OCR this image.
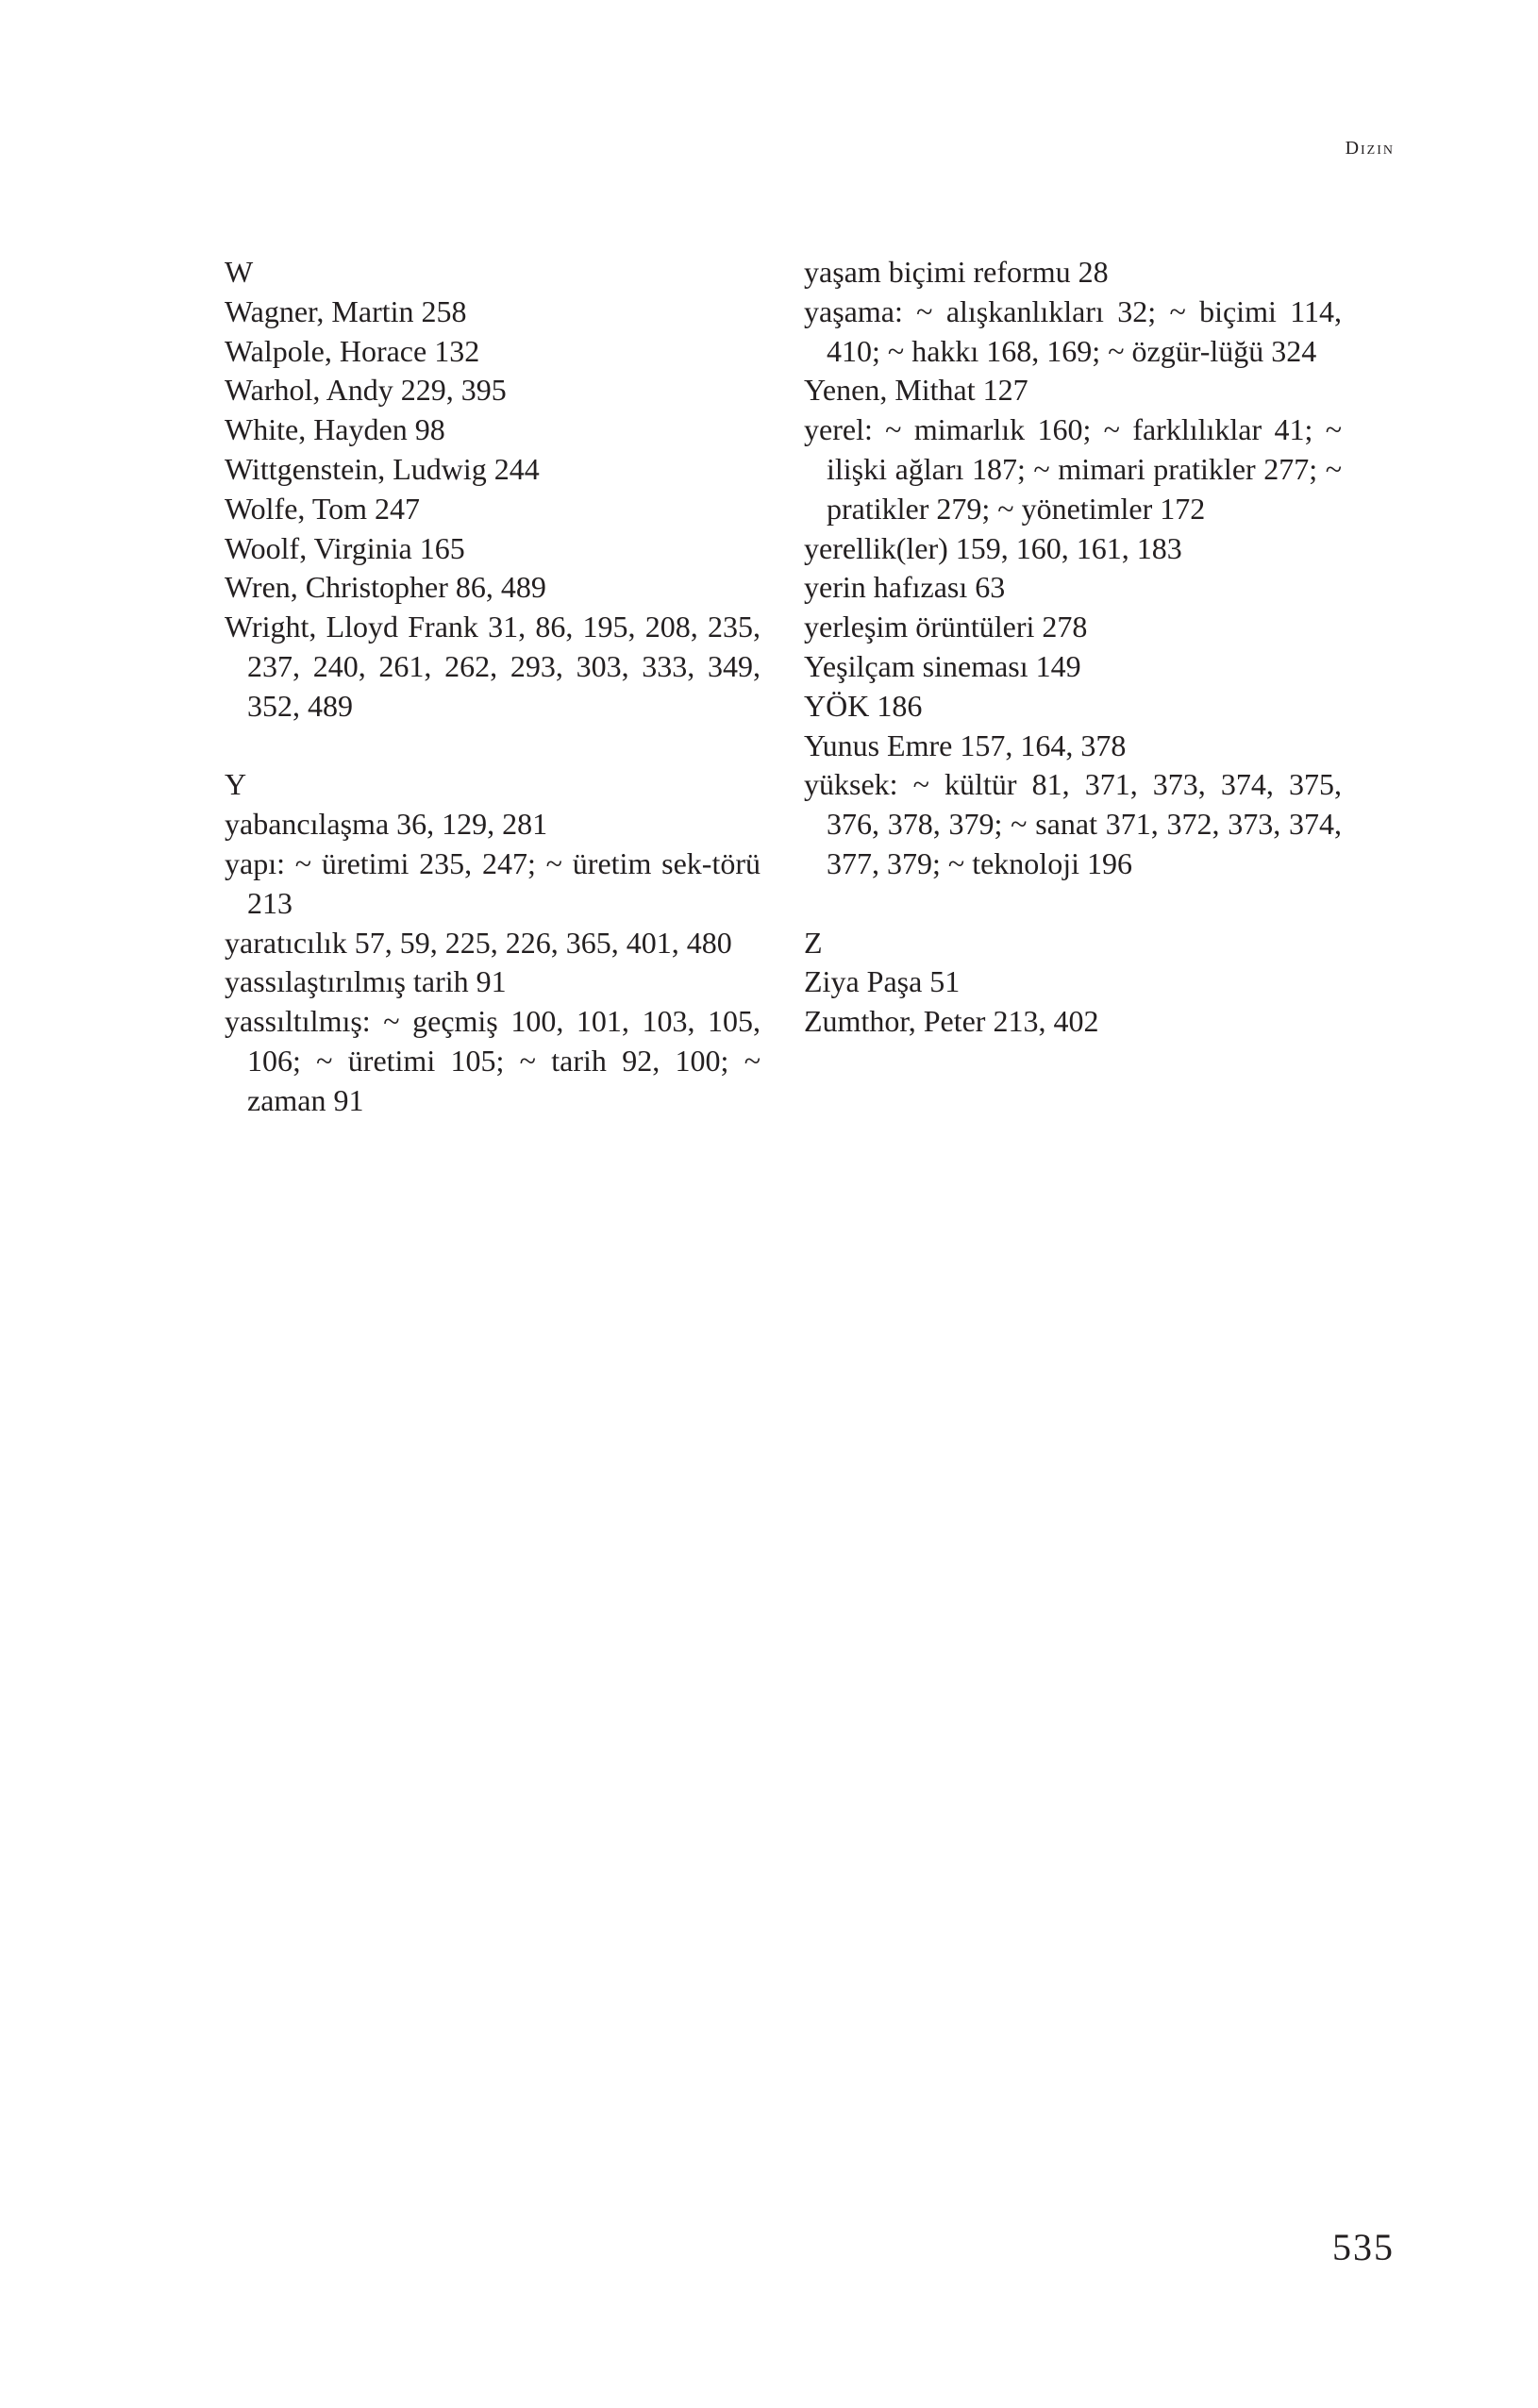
Dizin

W

Wagner, Martin 258

Walpole, Horace 132

Warhol, Andy 229, 395

White, Hayden 98

Wittgenstein, Ludwig 244

Wolfe, Tom 247

Woolf, Virginia 165

Wren, Christopher 86, 489

Wright, Lloyd Frank 31, 86, 195, 208, 235, 237, 240, 261, 262, 293, 303, 333, 349, 352, 489

Y

yabancılaşma 36, 129, 281

yapı: ~ üretimi 235, 247; ~ üretim sek-törü 213

yaratıcılık 57, 59, 225, 226, 365, 401, 480

yassılaştırılmış tarih 91

yassıltılmış: ~ geçmiş 100, 101, 103, 105, 106; ~ üretimi 105; ~ tarih 92, 100; ~ zaman 91

yaşam biçimi reformu 28

yaşama: ~ alışkanlıkları 32; ~ biçimi 114, 410; ~ hakkı 168, 169; ~ özgür-lüğü 324

Yenen, Mithat 127

yerel: ~ mimarlık 160; ~ farklılıklar 41; ~ ilişki ağları 187; ~ mimari pratikler 277; ~ pratikler 279; ~ yönetimler 172

yerellik(ler) 159, 160, 161, 183

yerin hafızası 63

yerleşim örüntüleri 278

Yeşilçam sineması 149

YÖK 186

Yunus Emre 157, 164, 378

yüksek: ~ kültür 81, 371, 373, 374, 375, 376, 378, 379; ~ sanat 371, 372, 373, 374, 377, 379; ~ teknoloji 196

Z

Ziya Paşa 51

Zumthor, Peter 213, 402

535
